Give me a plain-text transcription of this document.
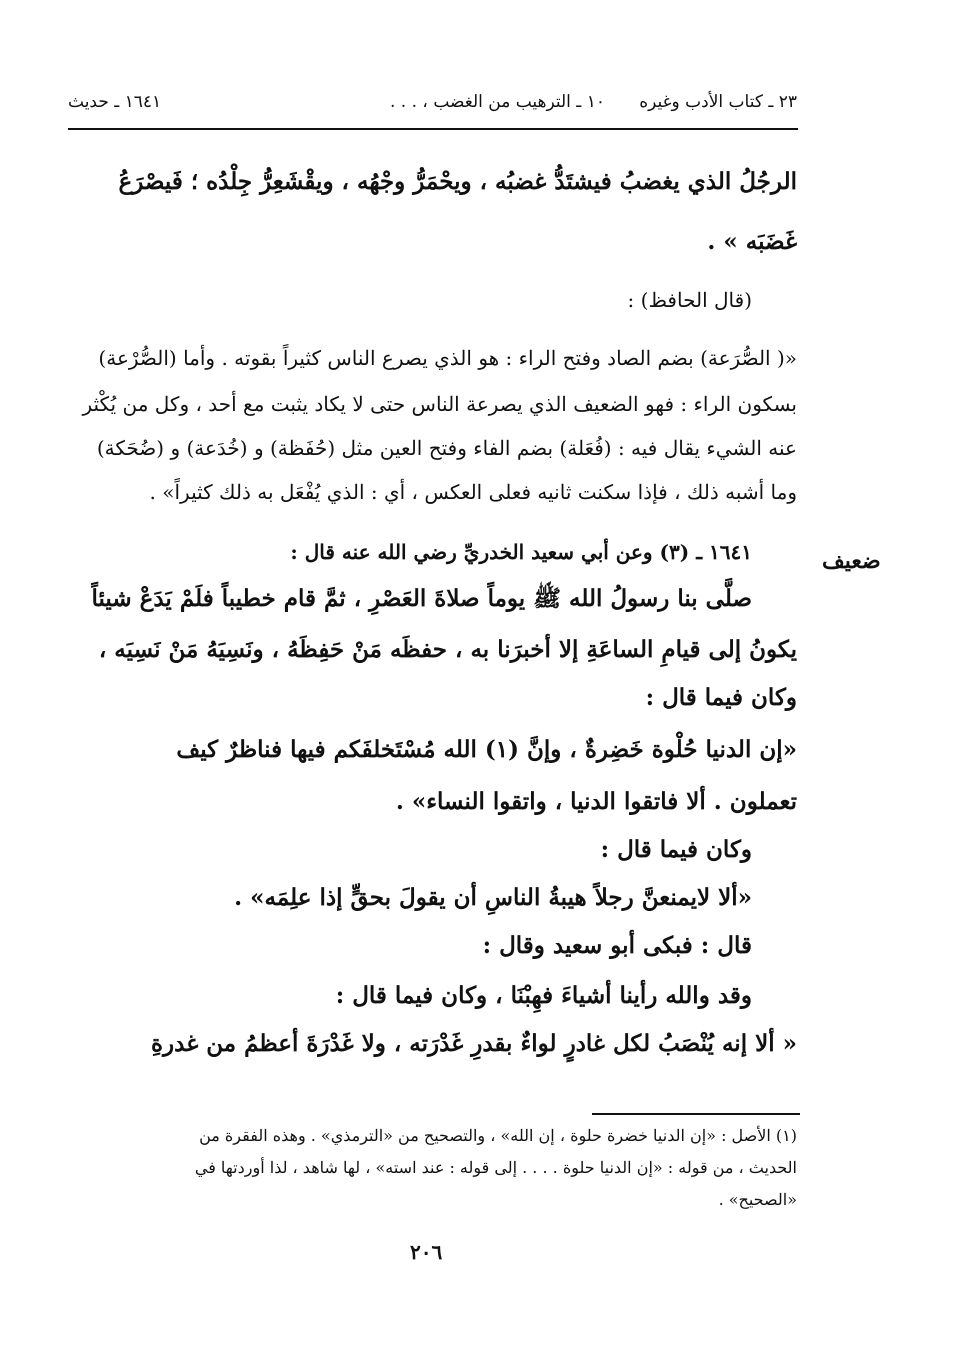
٢٣ ـ كتاب الأدب وغيره
١٠ ـ الترهيب من الغضب ، . . .
١٦٤١ ـ حديث
ضعيف
الرجُلُ الذي يغضبُ فيشتَدُّ غضبُه ، ويحْمَرُّ وجْهُه ، ويقْشَعِرُّ جِلْدُه ؛ فَيصْرَعُ
غَضَبَه » .
(قال الحافظ) :
«( الصُّرَعة) بضم الصاد وفتح الراء : هو الذي يصرع الناس كثيراً بقوته . وأما (الصُّرْعة)
بسكون الراء : فهو الضعيف الذي يصرعة الناس حتى لا يكاد يثبت مع أحد ، وكل من يُكْثر
عنه الشيء يقال فيه : (فُعَلة) بضم الفاء وفتح العين مثل (حُفَظة) و (خُدَعة) و (ضُحَكة)
وما أشبه ذلك ، فإذا سكنت ثانيه فعلى العكس ، أي : الذي يُفْعَل به ذلك كثيراً» .
١٦٤١ ـ (٣) وعن أبي سعيد الخدريِّ رضي الله عنه قال :
صلَّى بنا رسولُ الله ﷺ يوماً صلاةَ العَصْرِ ، ثمَّ قام خطيباً فلَمْ يَدَعْ شيئاً
يكونُ إلى قيامِ الساعَةِ إلا أخبرَنا به ، حفظَه مَنْ حَفِظَهُ ، ونَسِيَهُ مَنْ نَسِيَه ،
وكان فيما قال :
«إن الدنيا حُلْوة خَضِرةٌ ، وإنَّ (١) الله مُسْتَخلفَكم فيها فناظرٌ كيف
تعملون . ألا فاتقوا الدنيا ، واتقوا النساء» .
وكان فيما قال :
«ألا لايمنعنَّ رجلاً هيبةُ الناسِ أن يقولَ بحقٍّ إذا علِمَه» .
قال : فبكى أبو سعيد وقال :
وقد والله رأينا أشياءَ فهِبْنَا ، وكان فيما قال :
« ألا إنه يُنْصَبُ لكل غادرٍ لواءٌ بقدرِ غَدْرَته ، ولا غَدْرَةَ أعظمُ من غدرةِ
(١) الأصل : «إن الدنيا خضرة حلوة ، إن الله» ، والتصحيح من «الترمذي» . وهذه الفقرة من
الحديث ، من قوله : «إن الدنيا حلوة . . . . إلى قوله : عند استه» ، لها شاهد ، لذا أوردتها في
«الصحيح» .
٢٠٦
